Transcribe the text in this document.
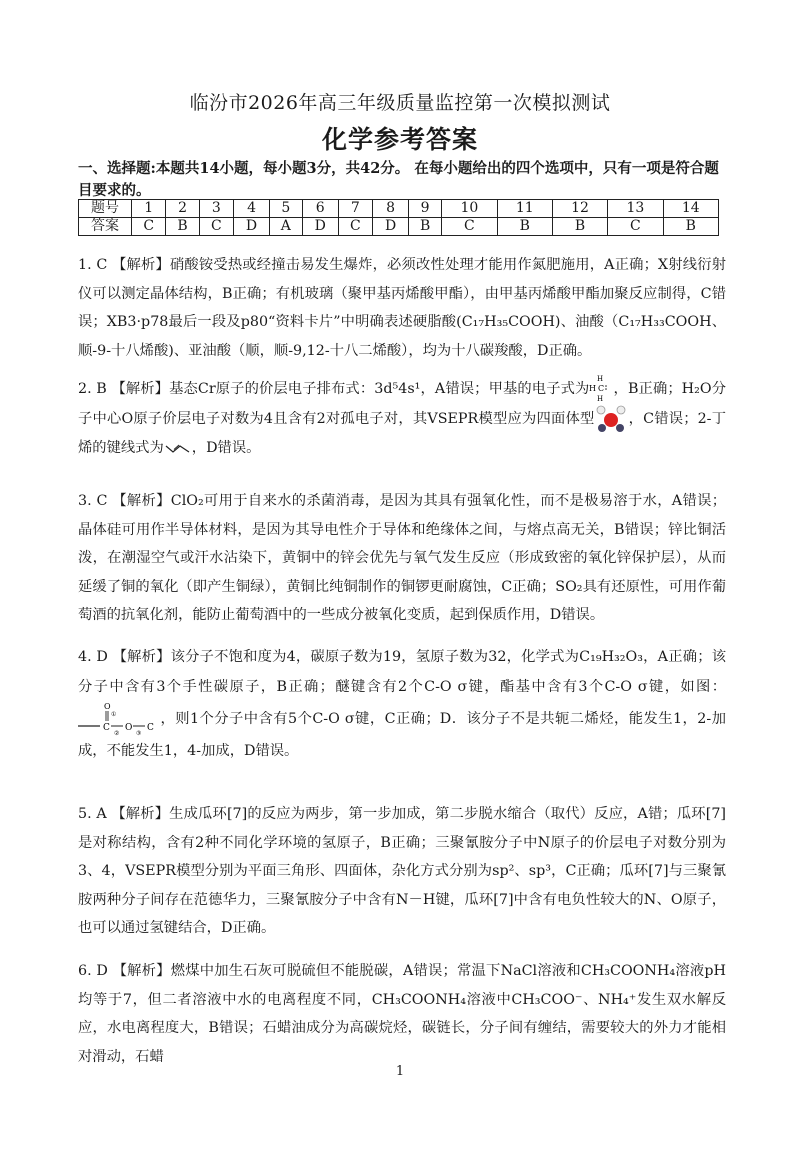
临汾市2026年高三年级质量监控第一次模拟测试
化学参考答案
一、选择题:本题共14小题，每小题3分，共42分。 在每小题给出的四个选项中，只有一项是符合题目要求的。
题号	1	2	3	4	5	6	7	8	9	10	11	12	13	14
答案	C	B	C	D	A	D	C	D	B	C	B	B	C	B
1. C 【解析】硝酸铵受热或经撞击易发生爆炸，必须改性处理才能用作氮肥施用，A正确；X射线衍射仪可以测定晶体结构，B正确；有机玻璃（聚甲基丙烯酸甲酯），由甲基丙烯酸甲酯加聚反应制得，C错误；XB3·p78最后一段及p80“资料卡片”中明确表述硬脂酸(C₁₇H₃₅COOH)、油酸（C₁₇H₃₃COOH、顺-9-十八烯酸)、亚油酸（顺，顺-9,12-十八二烯酸），均为十八碳羧酸，D正确。
2. B 【解析】基态Cr原子的价层电子排布式：3d⁵4s¹，A错误；甲基的电子式为
H
H C
H
，B正确；H₂O分子中心O原子价层电子对数为4且含有2对孤电子对，其VSEPR模型应为四面体型 ，C错误；2-丁烯的键线式为 ，D错误。
3. C 【解析】ClO₂可用于自来水的杀菌消毒，是因为其具有强氧化性，而不是极易溶于水，A错误；晶体硅可用作半导体材料，是因为其导电性介于导体和绝缘体之间，与熔点高无关，B错误；锌比铜活泼，在潮湿空气或汗水沾染下，黄铜中的锌会优先与氧气发生反应（形成致密的氧化锌保护层），从而延缓了铜的氧化（即产生铜绿），黄铜比纯铜制作的铜锣更耐腐蚀，C正确；SO₂具有还原性，可用作葡萄酒的抗氧化剂，能防止葡萄酒中的一些成分被氧化变质，起到保质作用，D错误。
4. D 【解析】该分子不饱和度为4，碳原子数为19，氢原子数为32，化学式为C₁₉H₃₂O₃，A正确；该分子中含有3个手性碳原子，B正确；醚键含有2个C-O σ键，酯基中含有3个C-O σ键，如图：
C
O
①
O C
②	③
，则1个分子中含有5个C-O σ键，C正确；D．该分子不是共轭二烯烃，能发生1，2-加成，不能发生1，4-加成，D错误。
5. A 【解析】生成瓜环[7]的反应为两步，第一步加成，第二步脱水缩合（取代）反应，A错；瓜环[7]是对称结构，含有2种不同化学环境的氢原子，B正确；三聚氰胺分子中N原子的价层电子对数分别为3、4，VSEPR模型分别为平面三角形、四面体，杂化方式分别为sp²、sp³，C正确；瓜环[7]与三聚氰胺两种分子间存在范德华力，三聚氰胺分子中含有N－H键，瓜环[7]中含有电负性较大的N、O原子，也可以通过氢键结合，D正确。
6. D 【解析】燃煤中加生石灰可脱硫但不能脱碳，A错误；常温下NaCl溶液和CH₃COONH₄溶液pH均等于7，但二者溶液中水的电离程度不同，CH₃COONH₄溶液中CH₃COO⁻、NH₄⁺发生双水解反应，水电离程度大，B错误；石蜡油成分为高碳烷烃，碳链长，分子间有缠结，需要较大的外力才能相对滑动，石蜡
1
